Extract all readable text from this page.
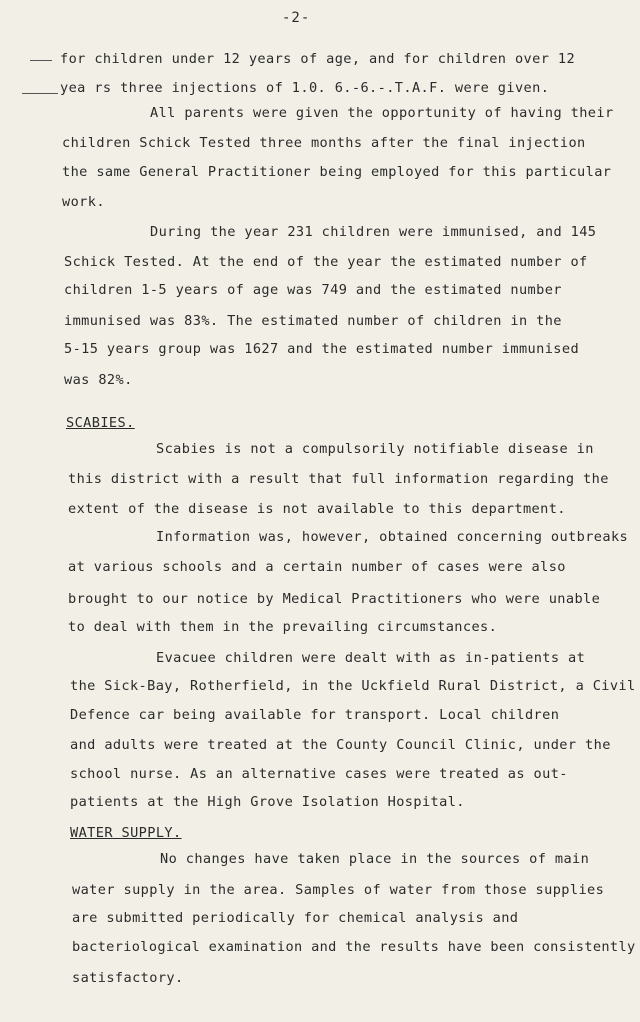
-2-
for children under 12 years of age, and for children over 12
yea rs three injections of 1.0. 6.-6.-.T.A.F. were given.
All parents were given the opportunity of having their
children Schick Tested three months after the final injection
the same General Practitioner being employed for this particular
work.
During the year 231 children were immunised, and 145
Schick Tested. At the end of the year the estimated number of
children 1-5 years of age was 749 and the estimated number
immunised was 83%. The estimated number of children in the
5-15 years group was 1627 and the estimated number immunised
was 82%.
SCABIES.
Scabies is not a compulsorily notifiable disease in
this district with a result that full information regarding the
extent of the disease is not available to this department.
Information was, however, obtained concerning outbreaks
at various schools and a certain number of cases were also
brought to our notice by Medical Practitioners who were unable
to deal with them in the prevailing circumstances.
Evacuee children were dealt with as in-patients at
the Sick-Bay, Rotherfield, in the Uckfield Rural District, a Civil
Defence car being available for transport. Local children
and adults were treated at the County Council Clinic, under the
school nurse. As an alternative cases were treated as out-
patients at the High Grove Isolation Hospital.
WATER SUPPLY.
No changes have taken place in the sources of main
water supply in the area. Samples of water from those supplies
are submitted periodically for chemical analysis and
bacteriological examination and the results have been consistently
satisfactory.
